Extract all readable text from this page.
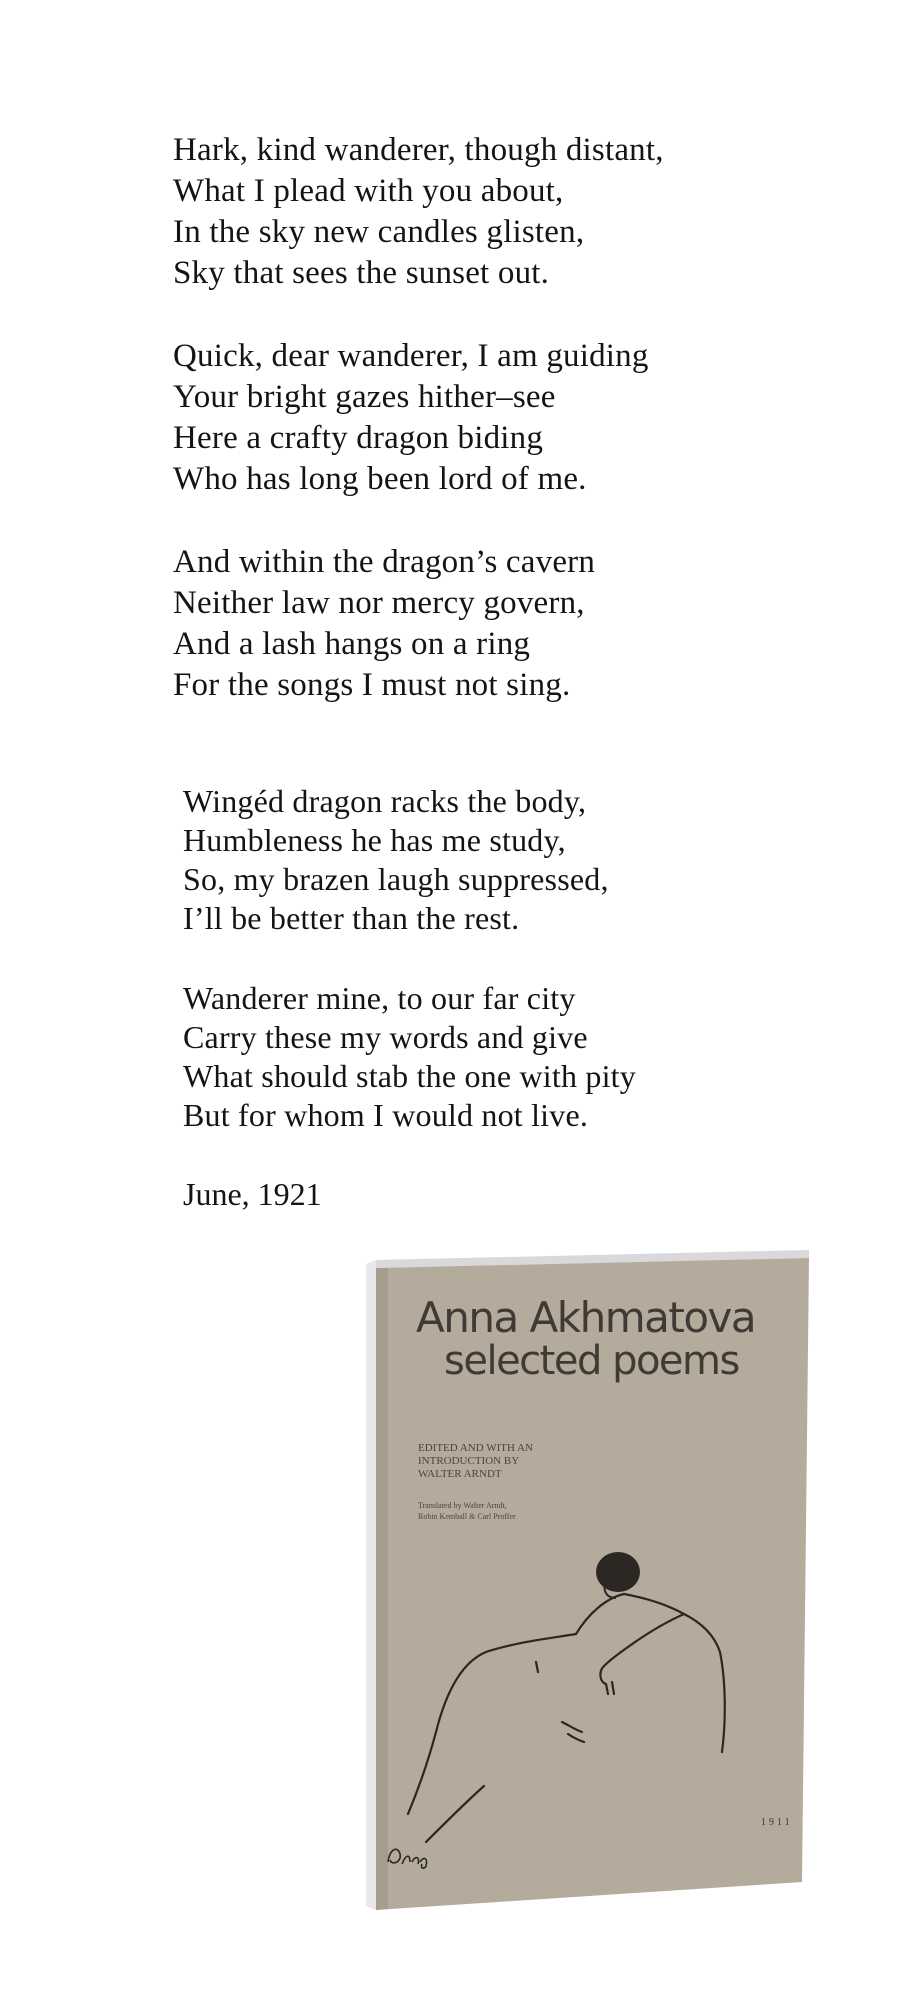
Hark, kind wanderer, though distant,
What I plead with you about,
In the sky new candles glisten,
Sky that sees the sunset out.
Quick, dear wanderer, I am guiding
Your bright gazes hither–see
Here a crafty dragon biding
Who has long been lord of me.
And within the dragon’s cavern
Neither law nor mercy govern,
And a lash hangs on a ring
For the songs I must not sing.
Wingéd dragon racks the body,
Humbleness he has me study,
So, my brazen laugh suppressed,
I’ll be better than the rest.
Wanderer mine, to our far city
Carry these my words and give
What should stab the one with pity
But for whom I would not live.
June, 1921
Anna Akhmatova
selected poems
EDITED AND WITH AN
INTRODUCTION BY
WALTER ARNDT
Translated by Walter Arndt,
Robin Kemball & Carl Proffer
1911
